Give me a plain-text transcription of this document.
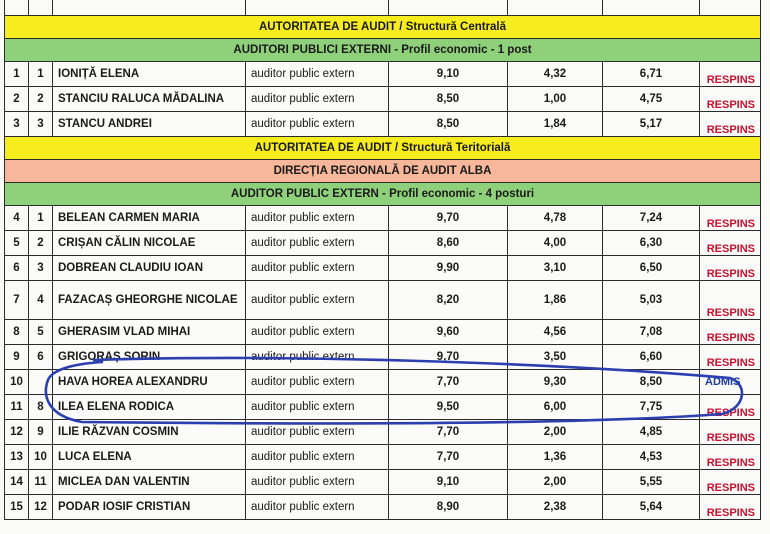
AUTORITATEA DE AUDIT / Structură Centrală							
AUDITORI PUBLICI EXTERNI - Profil economic - 1 post							
1	1	IONIȚĂ ELENA	auditor public extern	9,10	4,32	6,71	RESPINS
2	2	STANCIU RALUCA MĂDALINA	auditor public extern	8,50	1,00	4,75	RESPINS
3	3	STANCU ANDREI	auditor public extern	8,50	1,84	5,17	RESPINS
AUTORITATEA DE AUDIT / Structură Teritorială							
DIRECȚIA REGIONALĂ DE AUDIT ALBA							
AUDITOR PUBLIC EXTERN - Profil economic - 4 posturi							
4	1	BELEAN CARMEN MARIA	auditor public extern	9,70	4,78	7,24	RESPINS
5	2	CRIȘAN CĂLIN NICOLAE	auditor public extern	8,60	4,00	6,30	RESPINS
6	3	DOBREAN CLAUDIU IOAN	auditor public extern	9,90	3,10	6,50	RESPINS
7	4	FAZACAȘ GHEORGHE NICOLAE	auditor public extern	8,20	1,86	5,03	RESPINS
8	5	GHERASIM VLAD MIHAI	auditor public extern	9,60	4,56	7,08	RESPINS
9	6	GRIGORAȘ SORIN	auditor public extern	9,70	3,50	6,60	RESPINS
10		HAVA HOREA ALEXANDRU	auditor public extern	7,70	9,30	8,50	ADMIS
11	8	ILEA ELENA RODICA	auditor public extern	9,50	6,00	7,75	RESPINS
12	9	ILIE RĂZVAN COSMIN	auditor public extern	7,70	2,00	4,85	RESPINS
13	10	LUCA ELENA	auditor public extern	7,70	1,36	4,53	RESPINS
14	11	MICLEA DAN VALENTIN	auditor public extern	9,10	2,00	5,55	RESPINS
15	12	PODAR IOSIF CRISTIAN	auditor public extern	8,90	2,38	5,64	RESPINS
